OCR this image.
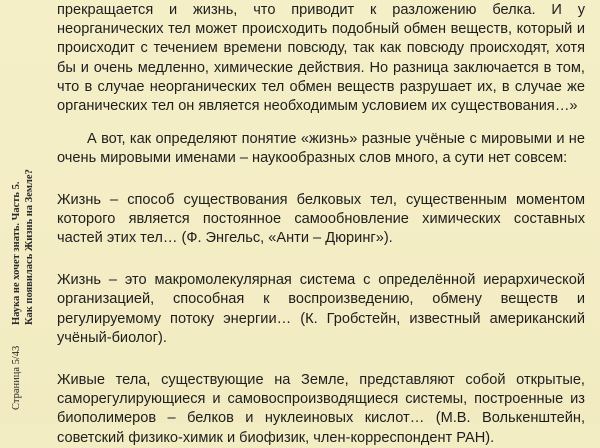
Страница 5/43
Наука не хочет знать. Часть 5. Как появилась Жизнь на Земле?

прекращается и жизнь, что приводит к разложению белка. И у неорганических тел может происходить подобный обмен веществ, который и происходит с течением времени повсюду, так как повсюду происходят, хотя бы и очень медленно, химические действия. Но разница заключается в том, что в случае неорганических тел обмен веществ разрушает их, в случае же органических тел он является необходимым условием их существования…»

А вот, как определяют понятие «жизнь» разные учёные с мировыми и не очень мировыми именами – наукообразных слов много, а сути нет совсем:

Жизнь – способ существования белковых тел, существенным моментом которого является постоянное самообновление химических составных частей этих тел… (Ф. Энгельс, «Анти – Дюринг»).

Жизнь – это макромолекулярная система с определённой иерархической организацией, способная к воспроизведению, обмену веществ и регулируемому потоку энергии… (К. Гробстейн, известный американский учёный-биолог).

Живые тела, существующие на Земле, представляют собой открытые, саморегулирующиеся и самовоспроизводящиеся системы, построенные из биополимеров – белков и нуклеиновых кислот… (М.В. Волькенштейн, советский физико-химик и биофизик, член-корреспондент РАН).
